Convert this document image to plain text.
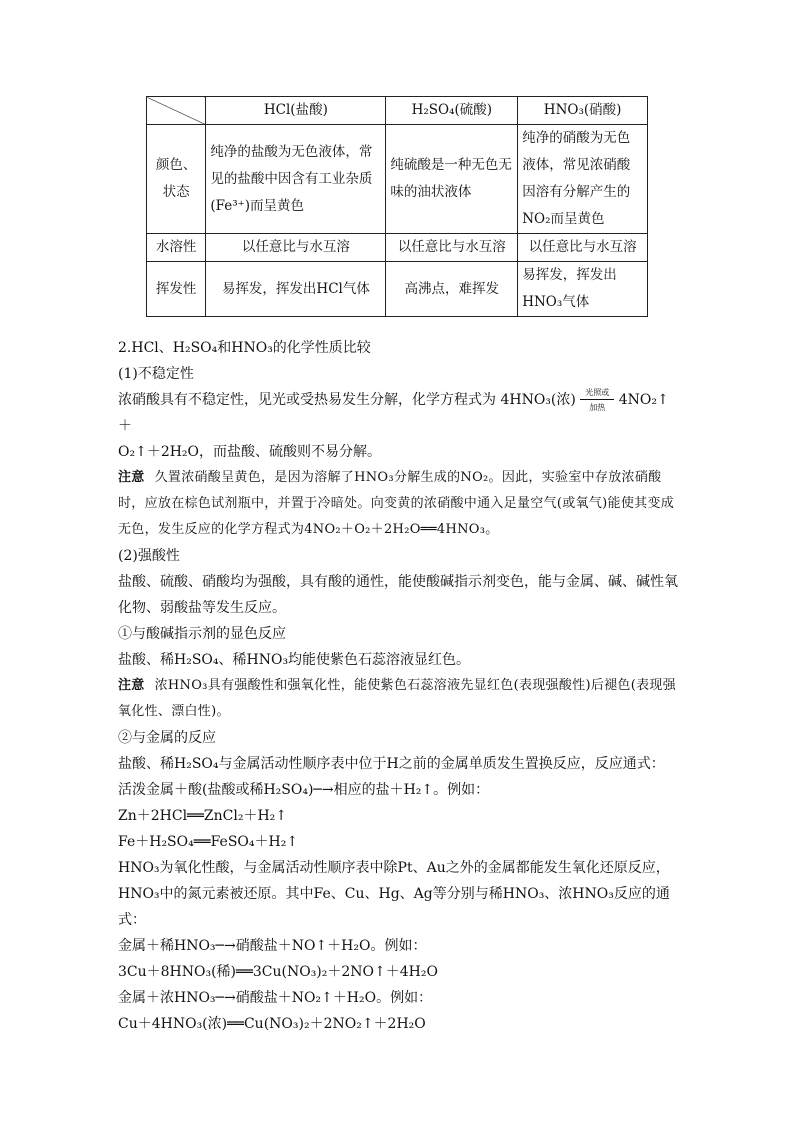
	HCl(盐酸)	H₂SO₄(硫酸)	HNO₃(硝酸)
颜色、状态	纯净的盐酸为无色液体，常见的盐酸中因含有工业杂质(Fe³⁺)而呈黄色	纯硫酸是一种无色无味的油状液体	纯净的硝酸为无色液体，常见浓硝酸因溶有分解产生的NO₂而呈黄色
水溶性	以任意比与水互溶	以任意比与水互溶	以任意比与水互溶
挥发性	易挥发，挥发出HCl气体	高沸点，难挥发	易挥发，挥发出HNO₃气体

2.HCl、H₂SO₄和HNO₃的化学性质比较

(1)不稳定性

浓硝酸具有不稳定性，见光或受热易发生分解，化学方程式为 4HNO₃(浓)	光照或
加热 4NO₂↑＋

O₂↑＋2H₂O，而盐酸、硫酸则不易分解。

注意 久置浓硝酸呈黄色，是因为溶解了HNO₃分解生成的NO₂。因此，实验室中存放浓硝酸时，应放在棕色试剂瓶中，并置于冷暗处。向变黄的浓硝酸中通入足量空气(或氧气)能使其变成无色，发生反应的化学方程式为4NO₂＋O₂＋2H₂O══4HNO₃。

(2)强酸性

盐酸、硫酸、硝酸均为强酸，具有酸的通性，能使酸碱指示剂变色，能与金属、碱、碱性氧化物、弱酸盐等发生反应。

①与酸碱指示剂的显色反应

盐酸、稀H₂SO₄、稀HNO₃均能使紫色石蕊溶液显红色。

注意 浓HNO₃具有强酸性和强氧化性，能使紫色石蕊溶液先显红色(表现强酸性)后褪色(表现强氧化性、漂白性)。

②与金属的反应

盐酸、稀H₂SO₄与金属活动性顺序表中位于H之前的金属单质发生置换反应，反应通式：活泼金属＋酸(盐酸或稀H₂SO₄)─→相应的盐＋H₂↑。例如：

Zn＋2HCl══ZnCl₂＋H₂↑

Fe＋H₂SO₄══FeSO₄＋H₂↑

HNO₃为氧化性酸，与金属活动性顺序表中除Pt、Au之外的金属都能发生氧化还原反应，HNO₃中的氮元素被还原。其中Fe、Cu、Hg、Ag等分别与稀HNO₃、浓HNO₃反应的通式：

金属＋稀HNO₃─→硝酸盐＋NO↑＋H₂O。例如：

3Cu＋8HNO₃(稀)══3Cu(NO₃)₂＋2NO↑＋4H₂O

金属＋浓HNO₃─→硝酸盐＋NO₂↑＋H₂O。例如：

Cu＋4HNO₃(浓)══Cu(NO₃)₂＋2NO₂↑＋2H₂O
